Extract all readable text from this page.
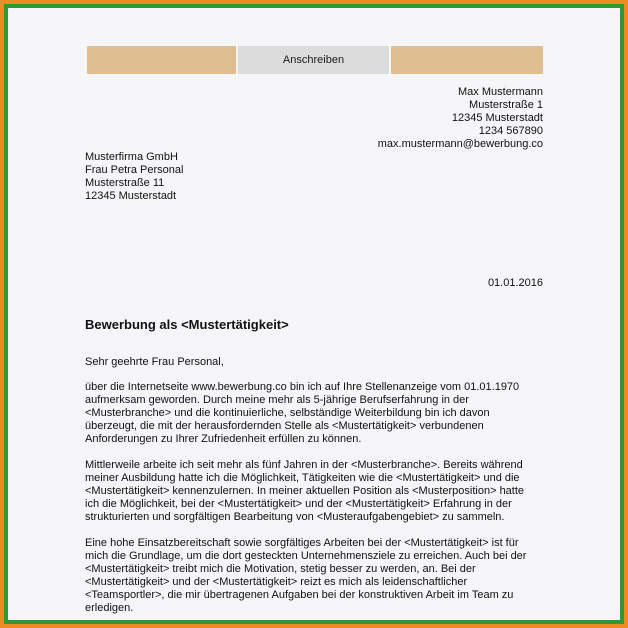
Anschreiben
Max Mustermann
Musterstraße 1
12345 Musterstadt
1234 567890
max.mustermann@bewerbung.co
Musterfirma GmbH
Frau Petra Personal
Musterstraße 11
12345 Musterstadt
01.01.2016
Bewerbung als <Mustertätigkeit>
Sehr geehrte Frau Personal,

über die Internetseite www.bewerbung.co bin ich auf Ihre Stellenanzeige vom 01.01.1970
aufmerksam geworden. Durch meine mehr als 5-jährige Berufserfahrung in der
<Musterbranche> und die kontinuierliche, selbständige Weiterbildung bin ich davon
überzeugt, die mit der herausfordernden Stelle als <Mustertätigkeit> verbundenen
Anforderungen zu Ihrer Zufriedenheit erfüllen zu können.

Mittlerweile arbeite ich seit mehr als fünf Jahren in der <Musterbranche>. Bereits während
meiner Ausbildung hatte ich die Möglichkeit, Tätigkeiten wie die <Mustertätigkeit> und die
<Mustertätigkeit> kennenzulernen. In meiner aktuellen Position als <Musterposition> hatte
ich die Möglichkeit, bei der <Mustertätigkeit> und der <Mustertätigkeit> Erfahrung in der
strukturierten und sorgfältigen Bearbeitung von <Musteraufgabengebiet> zu sammeln.

Eine hohe Einsatzbereitschaft sowie sorgfältiges Arbeiten bei der <Mustertätigkeit> ist für
mich die Grundlage, um die dort gesteckten Unternehmensziele zu erreichen. Auch bei der
<Mustertätigkeit> treibt mich die Motivation, stetig besser zu werden, an. Bei der
<Mustertätigkeit> und der <Mustertätigkeit> reizt es mich als leidenschaftlicher
<Teamsportler>, die mir übertragenen Aufgaben bei der konstruktiven Arbeit im Team zu
erledigen.
